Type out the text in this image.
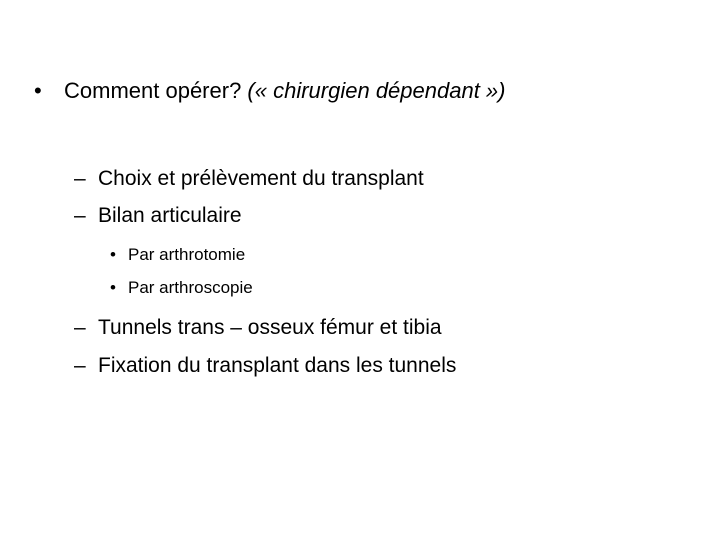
• Comment opérer? (« chirurgien dépendant »)
– Choix et prélèvement du transplant
– Bilan articulaire
• Par arthrotomie
• Par arthroscopie
– Tunnels trans – osseux fémur et tibia
– Fixation du transplant dans les tunnels
